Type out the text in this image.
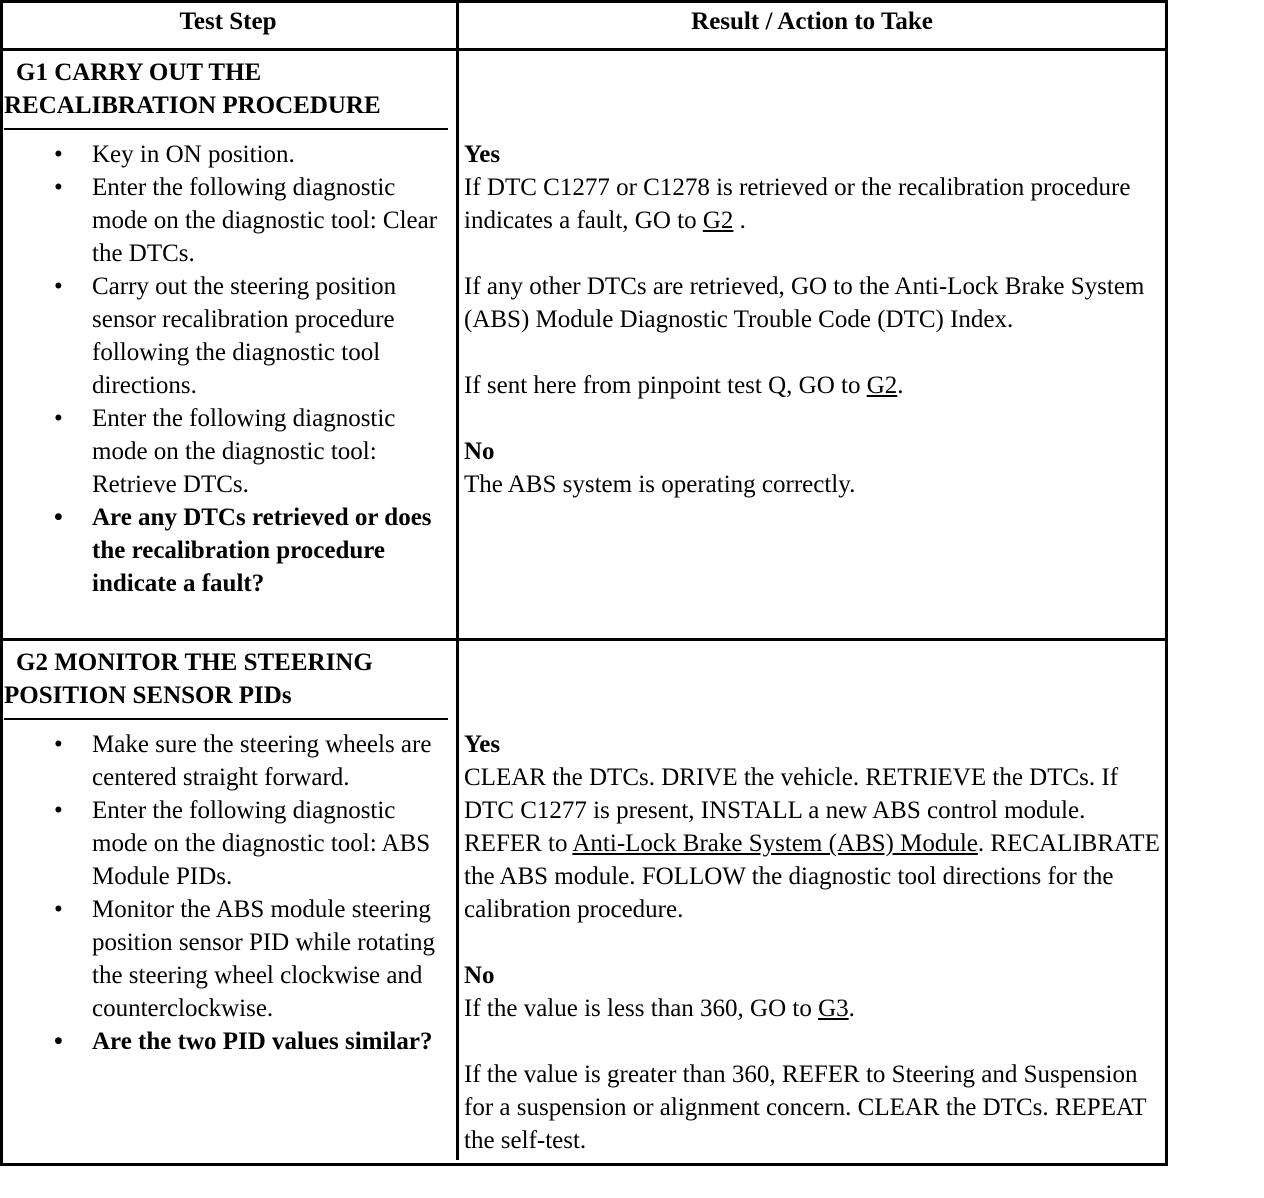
Test Step	Result / Action to Take
G1 CARRY OUT THE
RECALIBRATION PROCEDURE
• Key in ON position.
• Enter the following diagnostic mode on the diagnostic tool: Clear the DTCs.
• Carry out the steering position sensor recalibration procedure following the diagnostic tool directions.
• Enter the following diagnostic mode on the diagnostic tool: Retrieve DTCs.
• Are any DTCs retrieved or does the recalibration procedure indicate a fault?

Yes

If DTC C1277 or C1278 is retrieved or the recalibration procedure indicates a fault, GO to G2 .

If any other DTCs are retrieved, GO to the Anti-Lock Brake System (ABS) Module Diagnostic Trouble Code (DTC) Index.

If sent here from pinpoint test Q, GO to G2.

No

The ABS system is operating correctly.

G2 MONITOR THE STEERING
POSITION SENSOR PIDs
• Make sure the steering wheels are centered straight forward.
• Enter the following diagnostic mode on the diagnostic tool: ABS Module PIDs.
• Monitor the ABS module steering position sensor PID while rotating the steering wheel clockwise and counterclockwise.
• Are the two PID values similar?

Yes

CLEAR the DTCs. DRIVE the vehicle. RETRIEVE the DTCs. If DTC C1277 is present, INSTALL a new ABS control module. REFER to Anti-Lock Brake System (ABS) Module. RECALIBRATE the ABS module. FOLLOW the diagnostic tool directions for the calibration procedure.

No

If the value is less than 360, GO to G3.

If the value is greater than 360, REFER to Steering and Suspension for a suspension or alignment concern. CLEAR the DTCs. REPEAT the self-test.
